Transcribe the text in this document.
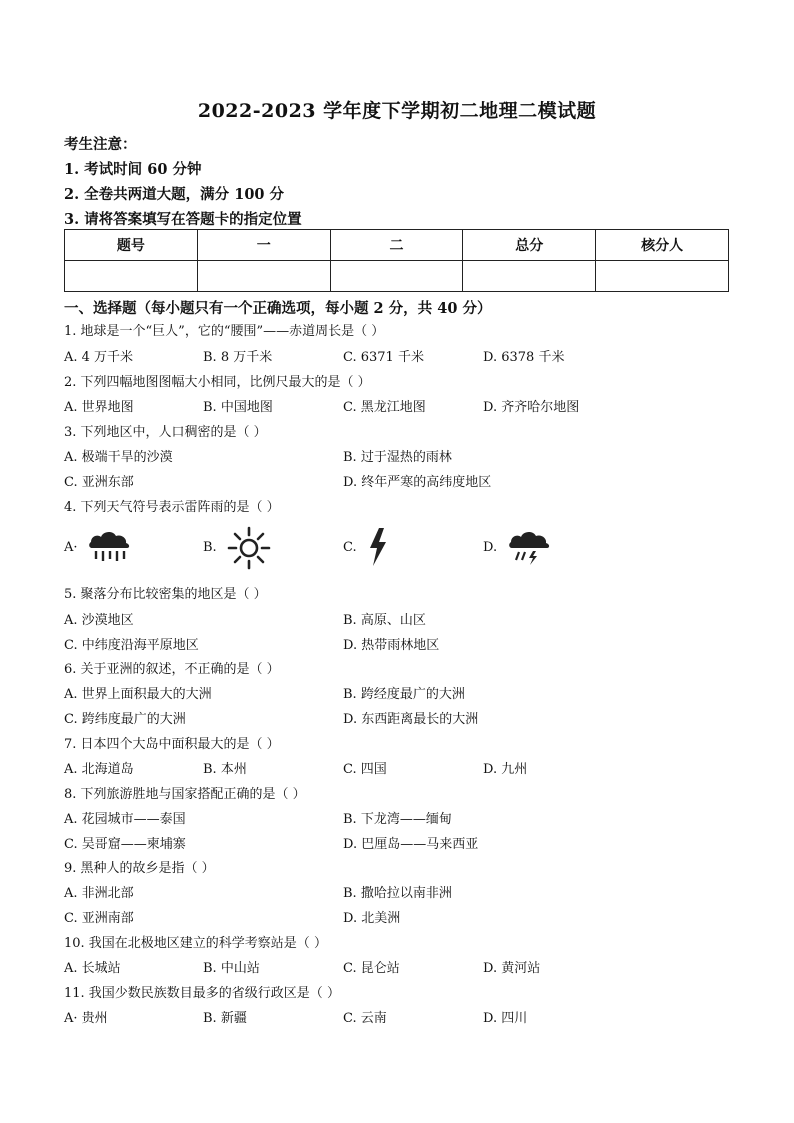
2022-2023 学年度下学期初二地理二模试题
考生注意：
1. 考试时间 60 分钟
2. 全卷共两道大题，满分 100 分
3. 请将答案填写在答题卡的指定位置
题号	一	二	总分	核分人

一、选择题（每小题只有一个正确选项，每小题 2 分，共 40 分）
1. 地球是一个“巨人”，它的“腰围”——赤道周长是（ ）
A. 4 万千米	B. 8 万千米	C. 6371 千米	D. 6378 千米
2. 下列四幅地图图幅大小相同，比例尺最大的是（ ）
A. 世界地图	B. 中国地图	C. 黑龙江地图	D. 齐齐哈尔地图
3. 下列地区中，人口稠密的是（ ）
A. 极端干旱的沙漠	B. 过于湿热的雨林
C. 亚洲东部	D. 终年严寒的高纬度地区
4. 下列天气符号表示雷阵雨的是（ ）
A·	B.	C.	D.
5. 聚落分布比较密集的地区是（ ）
A. 沙漠地区	B. 高原、山区
C. 中纬度沿海平原地区	D. 热带雨林地区
6. 关于亚洲的叙述，不正确的是（ ）
A. 世界上面积最大的大洲	B. 跨经度最广的大洲
C. 跨纬度最广的大洲	D. 东西距离最长的大洲
7. 日本四个大岛中面积最大的是（ ）
A. 北海道岛	B. 本州	C. 四国	D. 九州
8. 下列旅游胜地与国家搭配正确的是（ ）
A. 花园城市——泰国	B. 下龙湾——缅甸
C. 吴哥窟——柬埔寨	D. 巴厘岛——马来西亚
9. 黑种人的故乡是指（ ）
A. 非洲北部	B. 撒哈拉以南非洲
C. 亚洲南部	D. 北美洲
10. 我国在北极地区建立的科学考察站是（ ）
A. 长城站	B. 中山站	C. 昆仑站	D. 黄河站
11. 我国少数民族数目最多的省级行政区是（ ）
A· 贵州	B. 新疆	C. 云南	D. 四川
